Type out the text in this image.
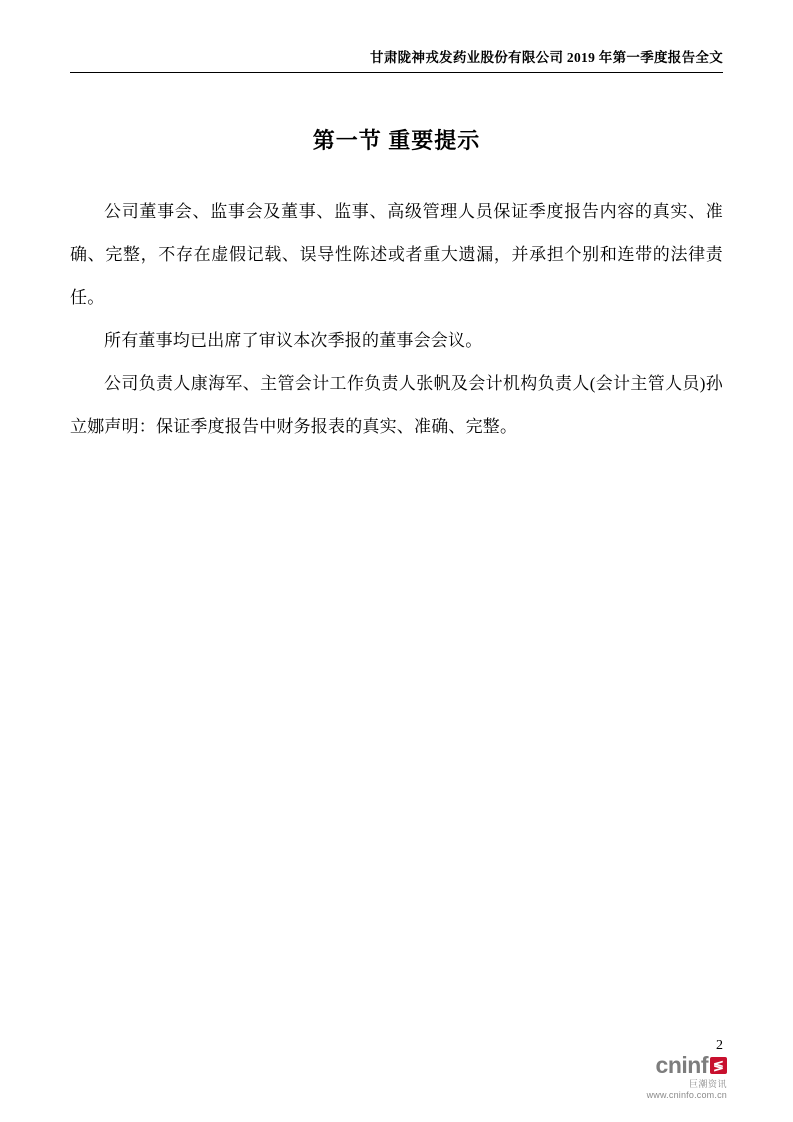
甘肃陇神戎发药业股份有限公司 2019 年第一季度报告全文
第一节 重要提示

公司董事会、监事会及董事、监事、高级管理人员保证季度报告内容的真实、准确、完整，不存在虚假记载、误导性陈述或者重大遗漏，并承担个别和连带的法律责任。

所有董事均已出席了审议本次季报的董事会会议。

公司负责人康海军、主管会计工作负责人张帆及会计机构负责人(会计主管人员)孙立娜声明：保证季度报告中财务报表的真实、准确、完整。

2
cninf ≶
巨潮资讯
www.cninfo.com.cn
